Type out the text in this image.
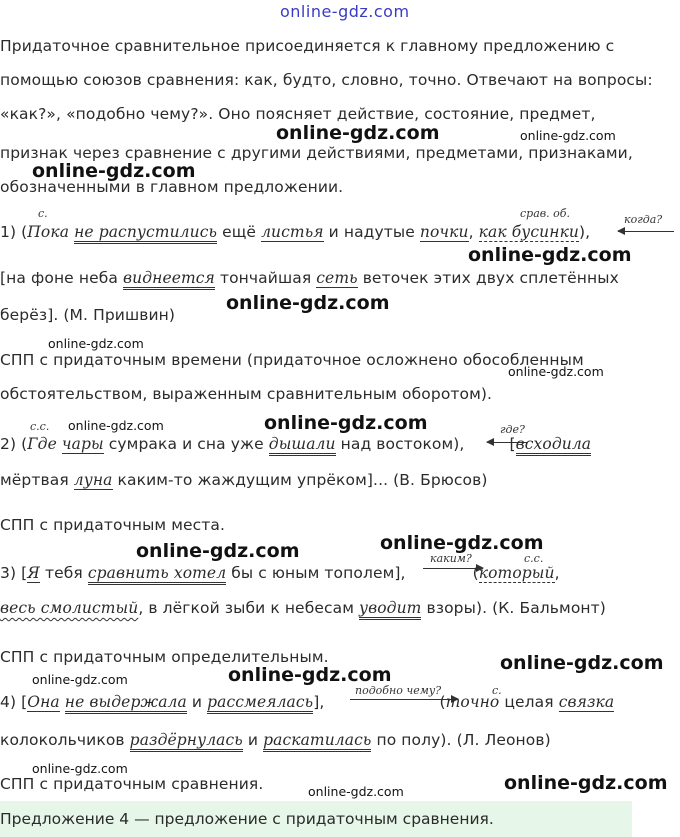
online-gdz.com
Придаточное сравнительное присоединяется к главному предложению с
помощью союзов сравнения: как, будто, словно, точно. Отвечают на вопросы:
«как?», «подобно чему?». Оно поясняет действие, состояние, предмет,
признак через сравнение с другими действиями, предметами, признаками,
обозначенными в главном предложении.
с.	срав. об.	когда?
1) (Пока не распустились ещё листья и надутые почки, как бусинки),
[на фоне неба виднеется тончайшая сеть веточек этих двух сплетённых
берёз]. (М. Пришвин)
СПП с придаточным времени (придаточное осложнено обособленным
обстоятельством, выраженным сравнительным оборотом).
с.с.	где?
2) (Где чары сумрака и сна уже дышали над востоком),	[всходила
мёртвая луна каким-то жаждущим упрёком]... (В. Брюсов)
СПП с придаточным места.
каким?	с.с.
3) [Я тебя сравнить хотел бы с юным тополем],	(который,
весь смолистый, в лёгкой зыби к небесам уводит взоры). (К. Бальмонт)
СПП с придаточным определительным.
подобно чему?	с.
4) [Она не выдержала и рассмеялась],	(точно целая связка
колокольчиков раздёрнулась и раскатилась по полу). (Л. Леонов)
СПП с придаточным сравнения.
Предложение 4 — предложение с придаточным сравнения.
online-gdz.com	online-gdz.com
online-gdz.com
online-gdz.com
online-gdz.com
online-gdz.com
online-gdz.com
online-gdz.com	online-gdz.com
online-gdz.com	online-gdz.com
online-gdz.com
online-gdz.com	online-gdz.com
online-gdz.com
online-gdz.com
online-gdz.com
